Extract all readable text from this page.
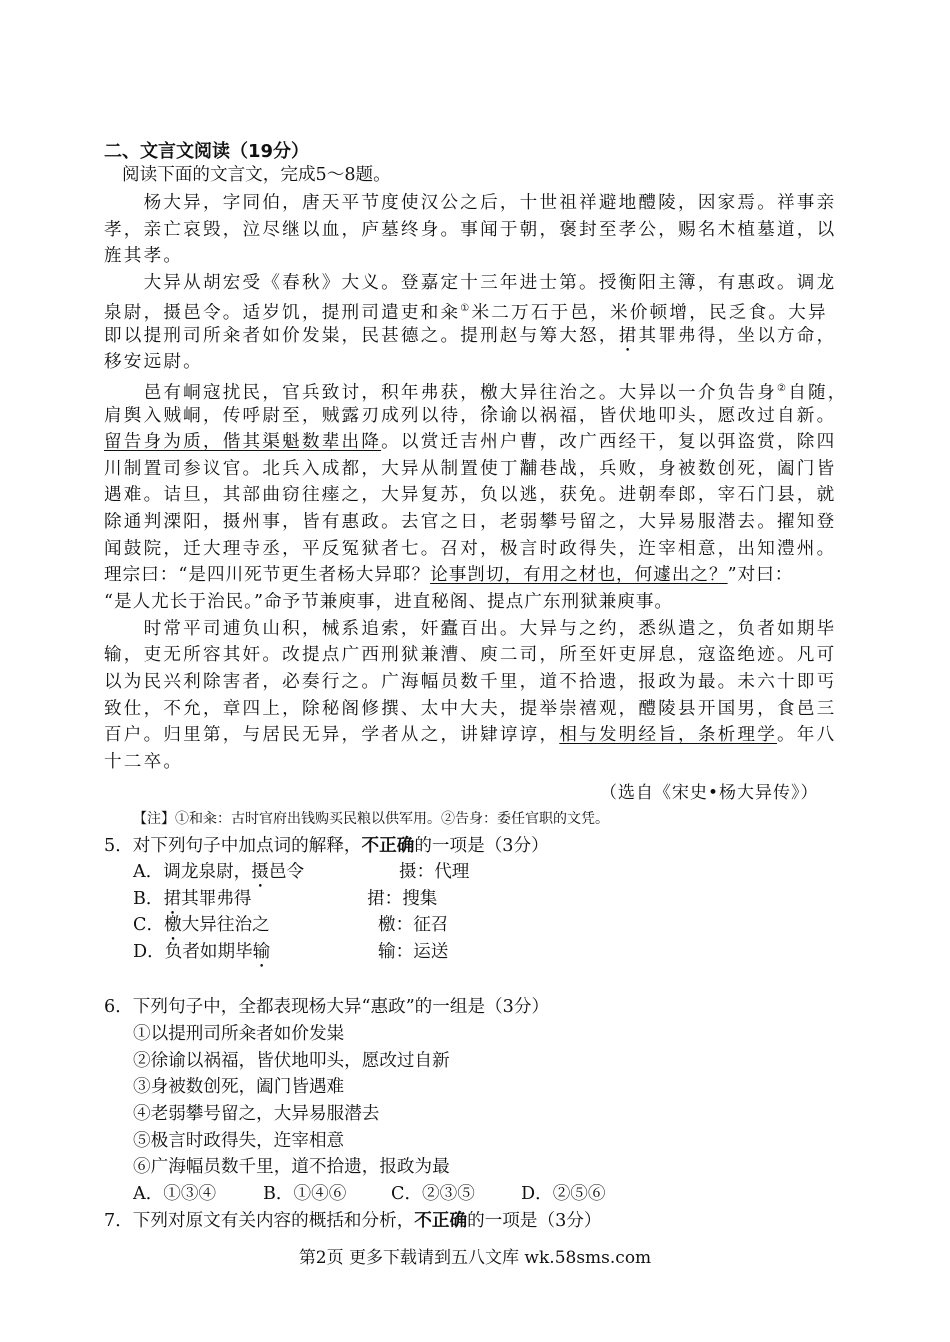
二、文言文阅读（19分）
阅读下面的文言文，完成5～8题。
　　杨大异，字同伯，唐天平节度使汉公之后，十世祖祥避地醴陵，因家焉。祥事亲
孝，亲亡哀毁，泣尽继以血，庐墓终身。事闻于朝，褒封至孝公，赐名木植墓道，以
旌其孝。
　　大异从胡宏受《春秋》大义。登嘉定十三年进士第。授衡阳主簿，有惠政。调龙
泉尉，摄邑令。适岁饥，提刑司遣吏和籴①米二万石于邑，米价顿增，民乏食。大异
即以提刑司所籴者如价发粜，民甚德之。提刑赵与筹大怒，捃其罪弗得，坐以方命，
移安远尉。
　　邑有峒寇扰民，官兵致讨，积年弗获，檄大异往治之。大异以一介负告身②自随，
肩舆入贼峒，传呼尉至，贼露刃成列以待，徐谕以祸福，皆伏地叩头，愿改过自新。
留告身为质，偕其渠魁数辈出降。以赏迁吉州户曹，改广西经干，复以弭盗赏，除四
川制置司参议官。北兵入成都，大异从制置使丁黼巷战，兵败，身被数创死，阖门皆
遇难。诘旦，其部曲窃往瘗之，大异复苏，负以逃，获免。进朝奉郎，宰石门县，就
除通判溧阳，摄州事，皆有惠政。去官之日，老弱攀号留之，大异易服潜去。擢知登
闻鼓院，迁大理寺丞，平反冤狱者七。召对，极言时政得失，迕宰相意，出知澧州。
理宗曰：“是四川死节更生者杨大异耶？论事剀切，有用之材也，何遽出之？”对曰：
“是人尤长于治民。”命予节兼庾事，进直秘阁、提点广东刑狱兼庾事。
　　时常平司逋负山积，械系追索，奸蠹百出。大异与之约，悉纵遣之，负者如期毕
输，吏无所容其奸。改提点广西刑狱兼漕、庾二司，所至奸吏屏息，寇盗绝迹。凡可
以为民兴利除害者，必奏行之。广海幅员数千里，道不拾遗，报政为最。未六十即丐
致仕，不允，章四上，除秘阁修撰、太中大夫，提举崇禧观，醴陵县开国男，食邑三
百户。归里第，与居民无异，学者从之，讲肄谆谆，相与发明经旨，条析理学。年八
十二卒。
（选自《宋史•杨大异传》）
【注】①和籴：古时官府出钱购买民粮以供军用。②告身：委任官职的文凭。
5．对下列句子中加点词的解释，不正确的一项是（3分）
A．调龙泉尉，摄邑令	摄：代理
B．捃其罪弗得	捃：搜集
C．檄大异往治之	檄：征召
D．负者如期毕输	输：运送
6．下列句子中，全都表现杨大异“惠政”的一组是（3分）
①以提刑司所籴者如价发粜
②徐谕以祸福，皆伏地叩头，愿改过自新
③身被数创死，阖门皆遇难
④老弱攀号留之，大异易服潜去
⑤极言时政得失，迕宰相意
⑥广海幅员数千里，道不拾遗，报政为最
A．①③④	B．①④⑥	C．②③⑤	D．②⑤⑥
7．下列对原文有关内容的概括和分析，不正确的一项是（3分）
第2页 更多下载请到五八文库 wk.58sms.com
